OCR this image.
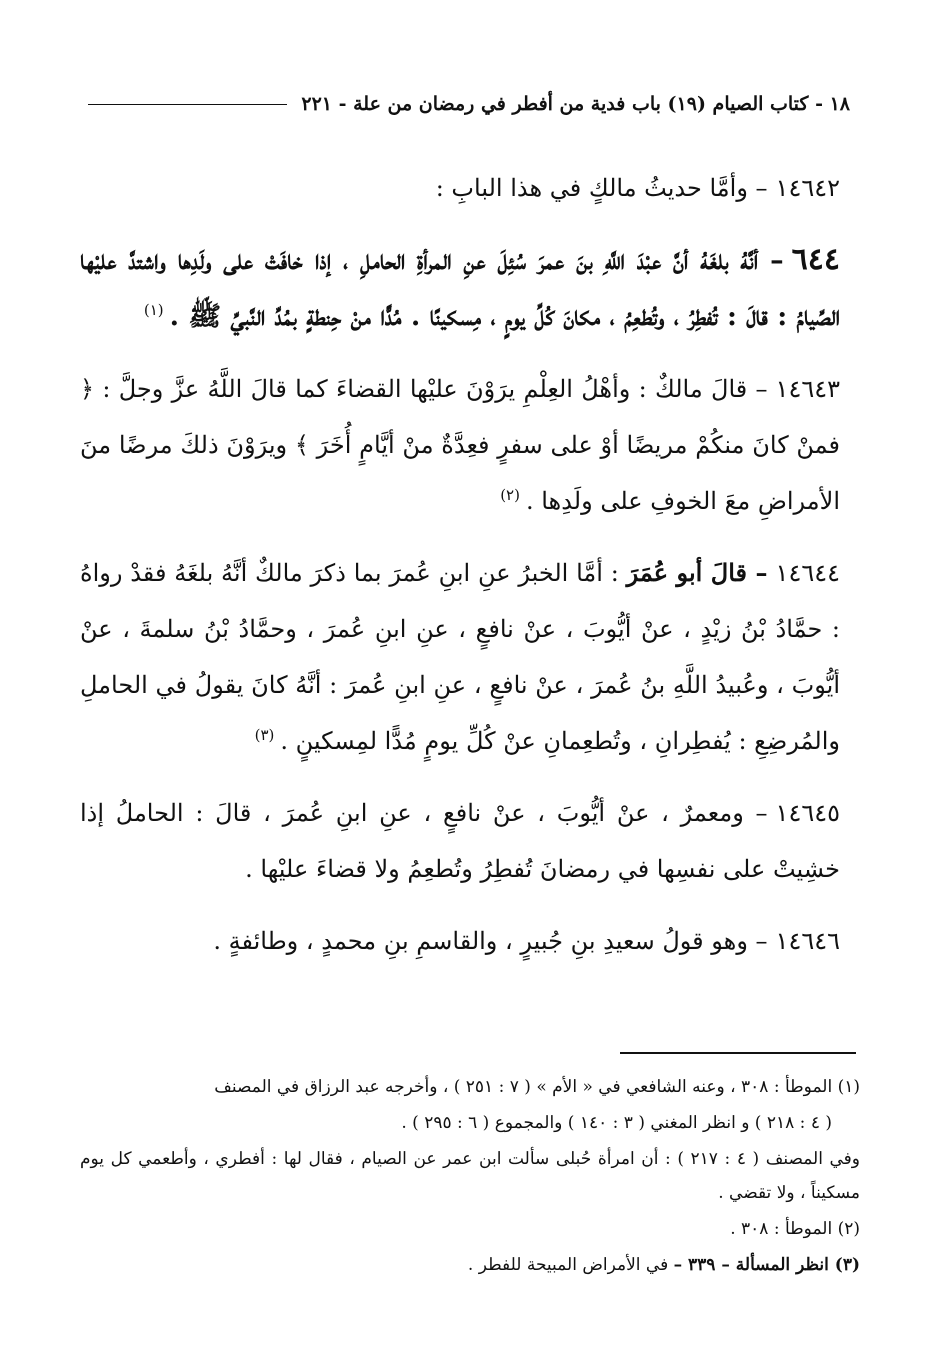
١٨ - كتاب الصيام (١٩) باب فدية من أفطر في رمضان من علة - ٢٢١

١٤٦٤٢– وأمَّا حديثُ مالكٍ في هذا البابِ :

٦٤٤– أنَّهُ بلغَهُ أنَّ عبْدَ اللَّهِ بنَ عمرَ سُئِلَ عنِ المرأةِ الحاملِ ، إذا خافَتْ على ولَدِها واشتدَّ عليْها الصِّيامُ : قالَ : تُفطِرُ ، وتُطعِمُ ، مكانَ كُلِّ يومٍ ، مِسكينًا . مُدًّا منْ حِنطةٍ بمُدِّ النَّبيِّ ﷺ .$^{(١)}$

١٤٦٤٣– قالَ مالكٌ : وأهْلُ العِلْمِ يرَوْنَ عليْها القضاءَ كما قالَ اللَّهُ عزَّ وجلَّ : ﴿ فمنْ كانَ منكُمْ مريضًا أوْ على سفرٍ فعِدَّةٌ منْ أيَّامٍ أُخَرَ ﴾ ويرَوْنَ ذلكَ مرضًا منَ الأمراضِ معَ الخوفِ على ولَدِها .$^{(٢)}$

١٤٦٤٤– قالَ أبو عُمَرَ : أمَّا الخبرُ عنِ ابنِ عُمرَ بما ذكرَ مالكٌ أنَّهُ بلغَهُ فقدْ رواهُ : حمَّادُ بْنُ زيْدٍ ، عنْ أيُّوبَ ، عنْ نافعٍ ، عنِ ابنِ عُمرَ ، وحمَّادُ بْنُ سلمةَ ، عنْ أيُّوبَ ، وعُبيدُ اللَّهِ بنُ عُمرَ ، عنْ نافعٍ ، عنِ ابنِ عُمرَ : أنَّهُ كانَ يقولُ في الحاملِ والمُرضِعِ : يُفطِرانِ ، وتُطعِمانِ عنْ كُلِّ يومٍ مُدًّا لمِسكينٍ .$^{(٣)}$

١٤٦٤٥– ومعمرٌ ، عنْ أيُّوبَ ، عنْ نافعٍ ، عنِ ابنِ عُمرَ ، قالَ : الحاملُ إذا خشِيتْ على نفسِها في رمضانَ تُفطِرُ وتُطعِمُ ولا قضاءَ عليْها .

١٤٦٤٦– وهو قولُ سعيدِ بنِ جُبيرٍ ، والقاسمِ بنِ محمدٍ ، وطائفةٍ .

(١) الموطأ : ٣٠٨ ، وعنه الشافعي في « الأم » ( ٧ : ٢٥١ ) ، وأخرجه عبد الرزاق في المصنف

( ٤ : ٢١٨ ) و انظر المغني ( ٣ : ١٤٠ ) والمجموع ( ٦ : ٢٩٥ ) .

وفي المصنف ( ٤ : ٢١٧ ) : أن امرأة حُبلى سألت ابن عمر عن الصيام ، فقال لها : أفطري ، وأطعمي كل يوم مسكيناً ، ولا تقضي .

(٢) الموطأ : ٣٠٨ .

(٣) انظر المسألة – ٣٣٩ – في الأمراض المبيحة للفطر .
